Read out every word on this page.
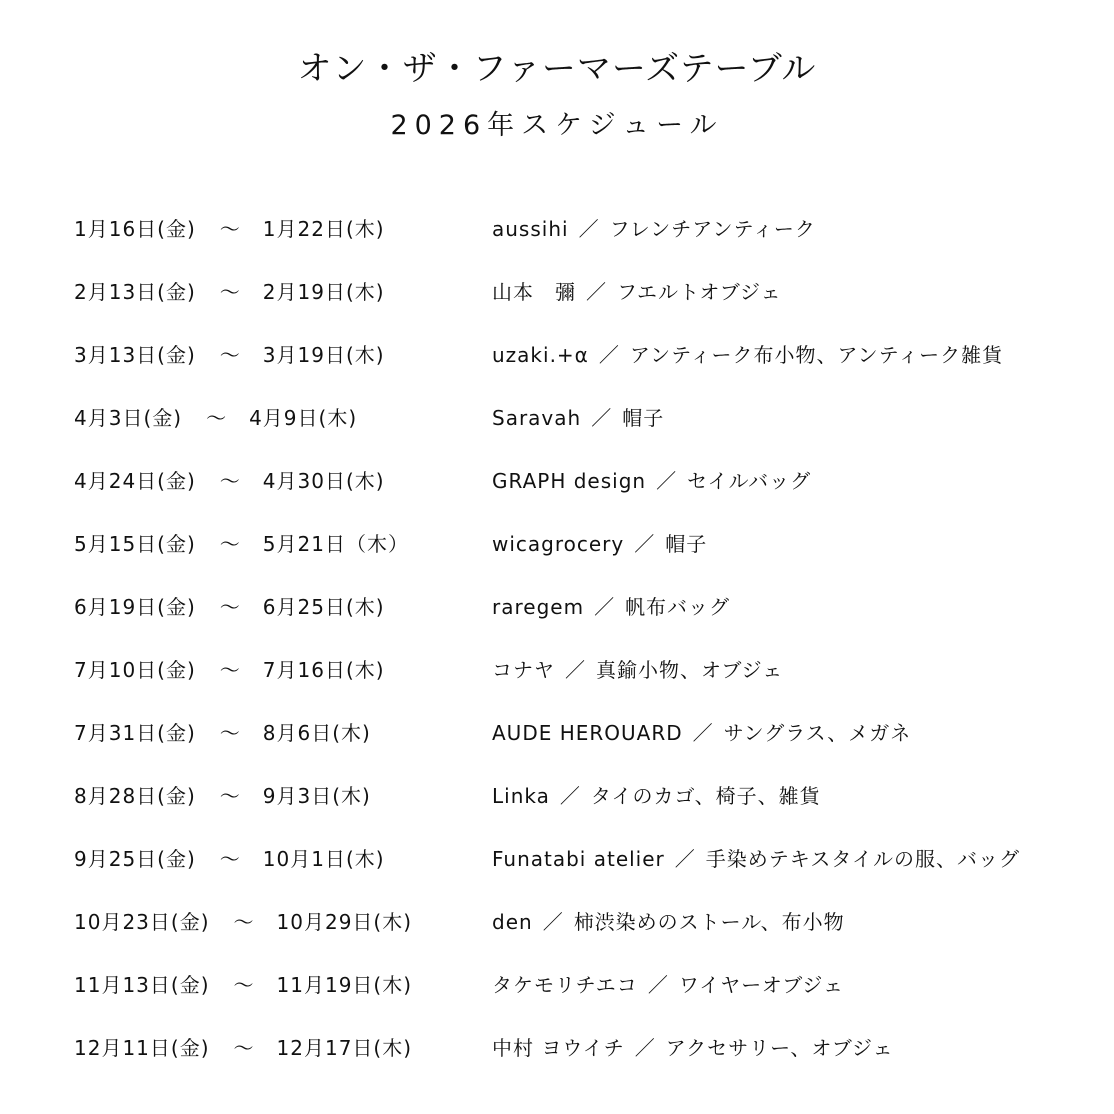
オン・ザ・ファーマーズテーブル
2026年スケジュール
1月16日(金) 〜 1月22日(木)	aussihi ／ フレンチアンティーク
2月13日(金) 〜 2月19日(木)	山本　彌 ／ フエルトオブジェ
3月13日(金) 〜 3月19日(木)	uzaki.+α ／ アンティーク布小物、アンティーク雑貨
4月3日(金) 〜 4月9日(木)	Saravah ／ 帽子
4月24日(金) 〜 4月30日(木)	GRAPH design ／ セイルバッグ
5月15日(金) 〜 5月21日（木）	wicagrocery ／ 帽子
6月19日(金) 〜 6月25日(木)	raregem ／ 帆布バッグ
7月10日(金) 〜 7月16日(木)	コナヤ ／ 真鍮小物、オブジェ
7月31日(金) 〜 8月6日(木)	AUDE HEROUARD ／ サングラス、メガネ
8月28日(金) 〜 9月3日(木)	Linka ／ タイのカゴ、椅子、雑貨
9月25日(金) 〜 10月1日(木)	Funatabi atelier ／ 手染めテキスタイルの服、バッグ
10月23日(金) 〜 10月29日(木)	den ／ 柿渋染めのストール、布小物
11月13日(金) 〜 11月19日(木)	タケモリチエコ ／ ワイヤーオブジェ
12月11日(金) 〜 12月17日(木)	中村 ヨウイチ ／ アクセサリー、オブジェ
